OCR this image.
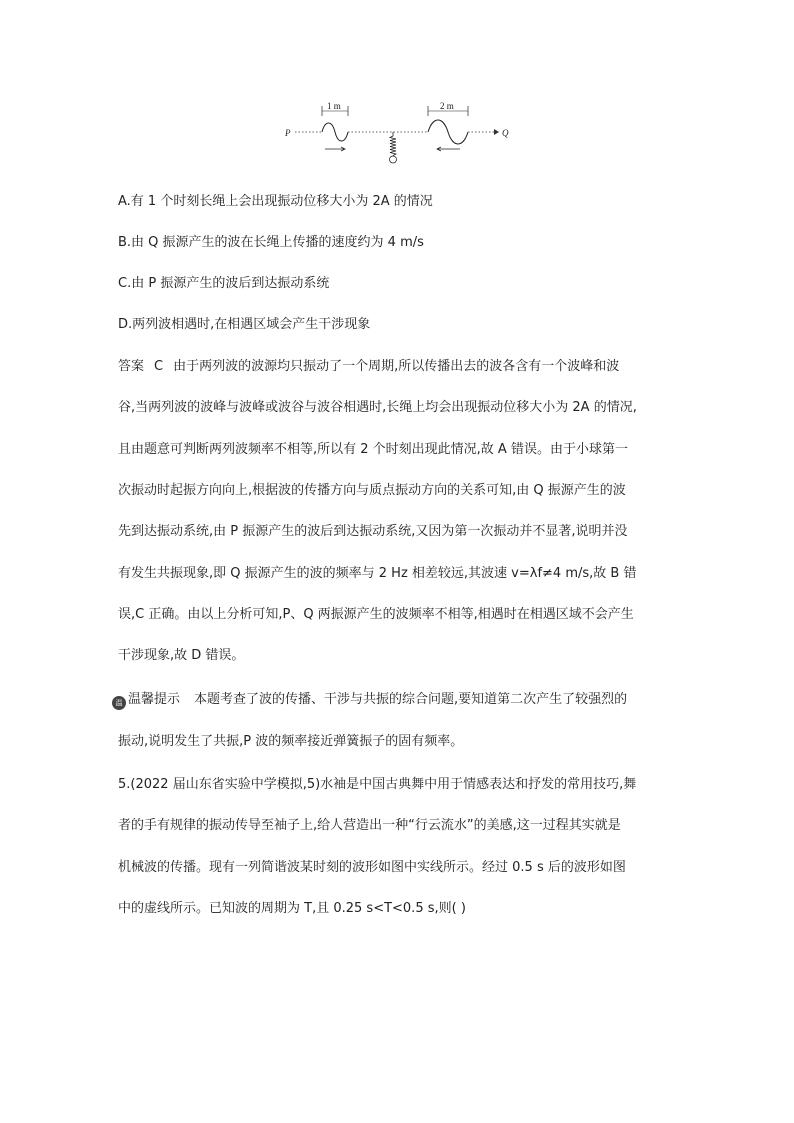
P	Q
1 m	2 m
A.有 1 个时刻长绳上会出现振动位移大小为 2A 的情况
B.由 Q 振源产生的波在长绳上传播的速度约为 4 m/s
C.由 P 振源产生的波后到达振动系统
D.两列波相遇时,在相遇区域会产生干涉现象
答案 C 由于两列波的波源均只振动了一个周期,所以传播出去的波各含有一个波峰和波
谷,当两列波的波峰与波峰或波谷与波谷相遇时,长绳上均会出现振动位移大小为 2A 的情况,
且由题意可判断两列波频率不相等,所以有 2 个时刻出现此情况,故 A 错误。由于小球第一
次振动时起振方向向上,根据波的传播方向与质点振动方向的关系可知,由 Q 振源产生的波
先到达振动系统,由 P 振源产生的波后到达振动系统,又因为第一次振动并不显著,说明并没
有发生共振现象,即 Q 振源产生的波的频率与 2 Hz 相差较远,其波速 v=λf≠4 m/s,故 B 错
误,C 正确。由以上分析可知,P、Q 两振源产生的波频率不相等,相遇时在相遇区域不会产生
干涉现象,故 D 错误。
温 温馨提示 本题考查了波的传播、干涉与共振的综合问题,要知道第二次产生了较强烈的
振动,说明发生了共振,P 波的频率接近弹簧振子的固有频率。
5.(2022 届山东省实验中学模拟,5)水袖是中国古典舞中用于情感表达和抒发的常用技巧,舞
者的手有规律的振动传导至袖子上,给人营造出一种“行云流水”的美感,这一过程其实就是
机械波的传播。现有一列简谐波某时刻的波形如图中实线所示。经过 0.5 s 后的波形如图
中的虚线所示。已知波的周期为 T,且 0.25 s<T<0.5 s,则( )
